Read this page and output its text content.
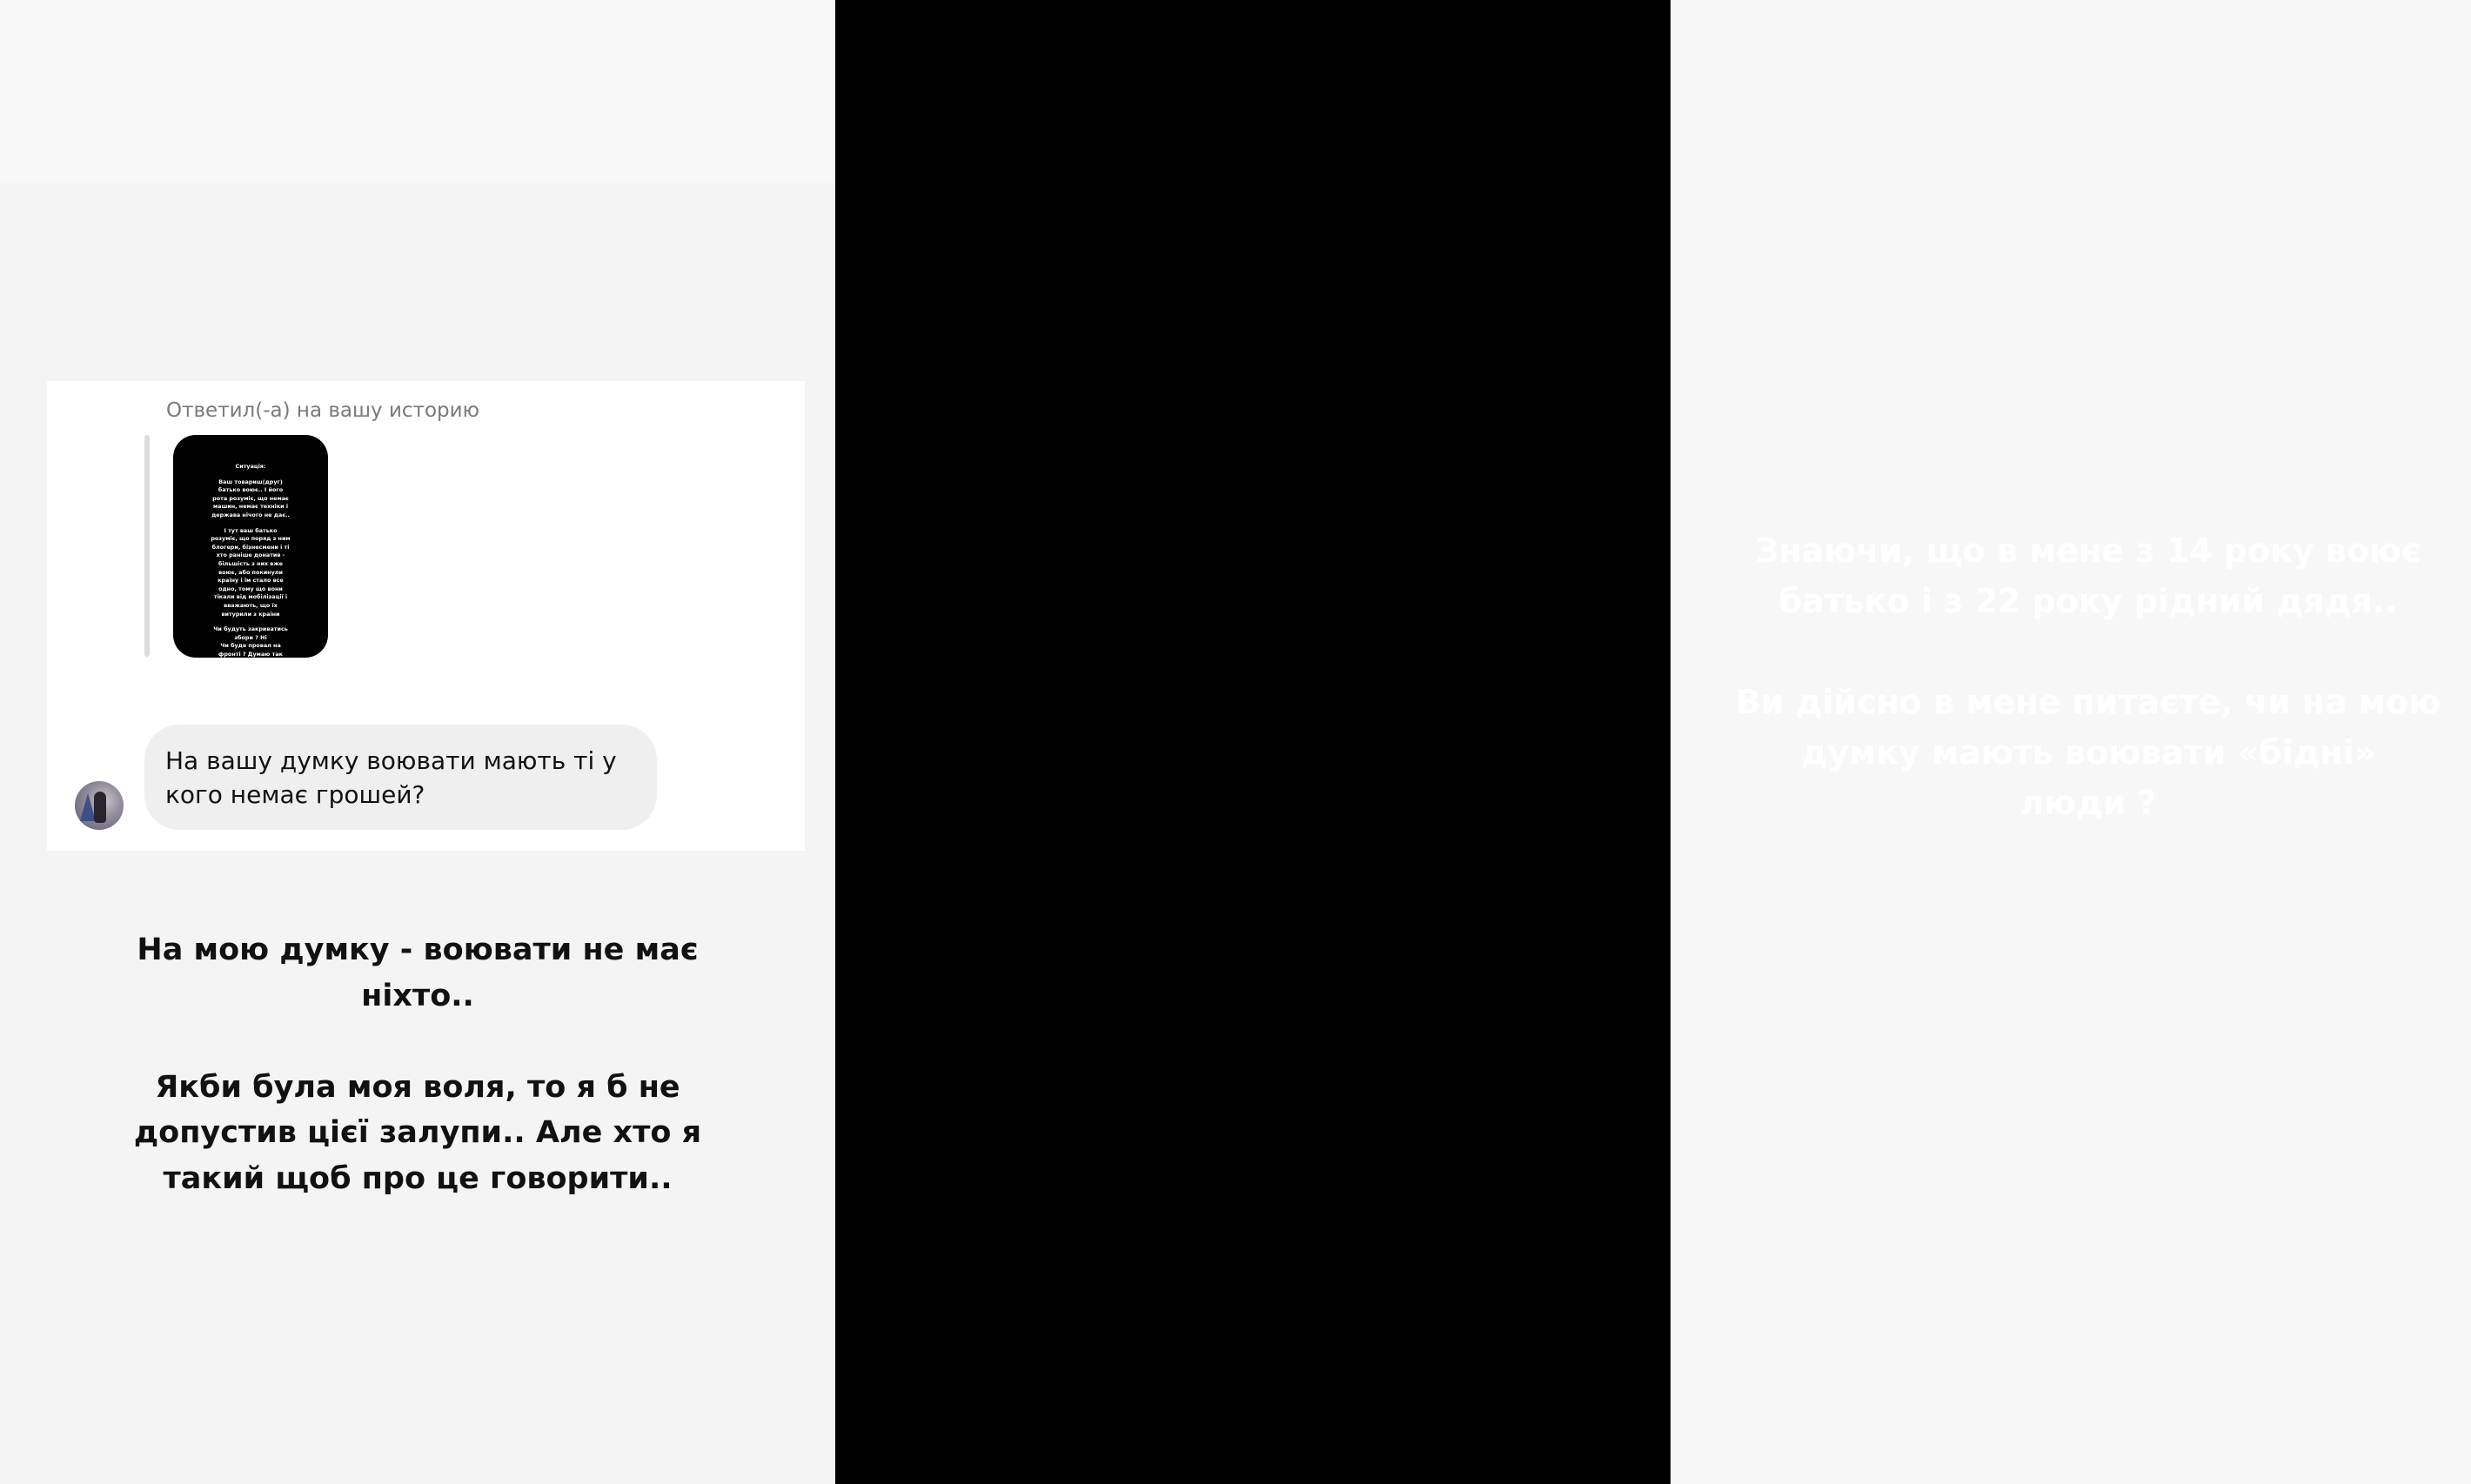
Ответил(-а) на вашу историю

Ситуація:

Ваш товариш(друг)
батько воює.. І його
рота розуміє, що немає
машин, немає техніки і
держава нічого не дає..

І тут ваш батько
розуміє, що поряд з ним
блогери, бізнесмени і ті
хто раніше донатив -
більшість з них вже
воює, або покинули
країну і їм стало все
одно, тому що вони
тікали від мобілізації і
вважають, що їх
витурили з країни

Чи будуть закриватись
збори ? Ні
Чи буде провал на
фронті ? Думаю так

На вашу думку воювати мають ті у кого немає грошей?
На мою думку - воювати не має
ніхто..

Якби була моя воля, то я б не
допустив цієї залупи.. Але хто я
такий щоб про це говорити..
Знаючи, що в мене з 14 року воює
батько і з 22 року рідний дядя..

Ви дійсно в мене питаєте, чи на мою
думку мають воювати «бідні»
люди ?
